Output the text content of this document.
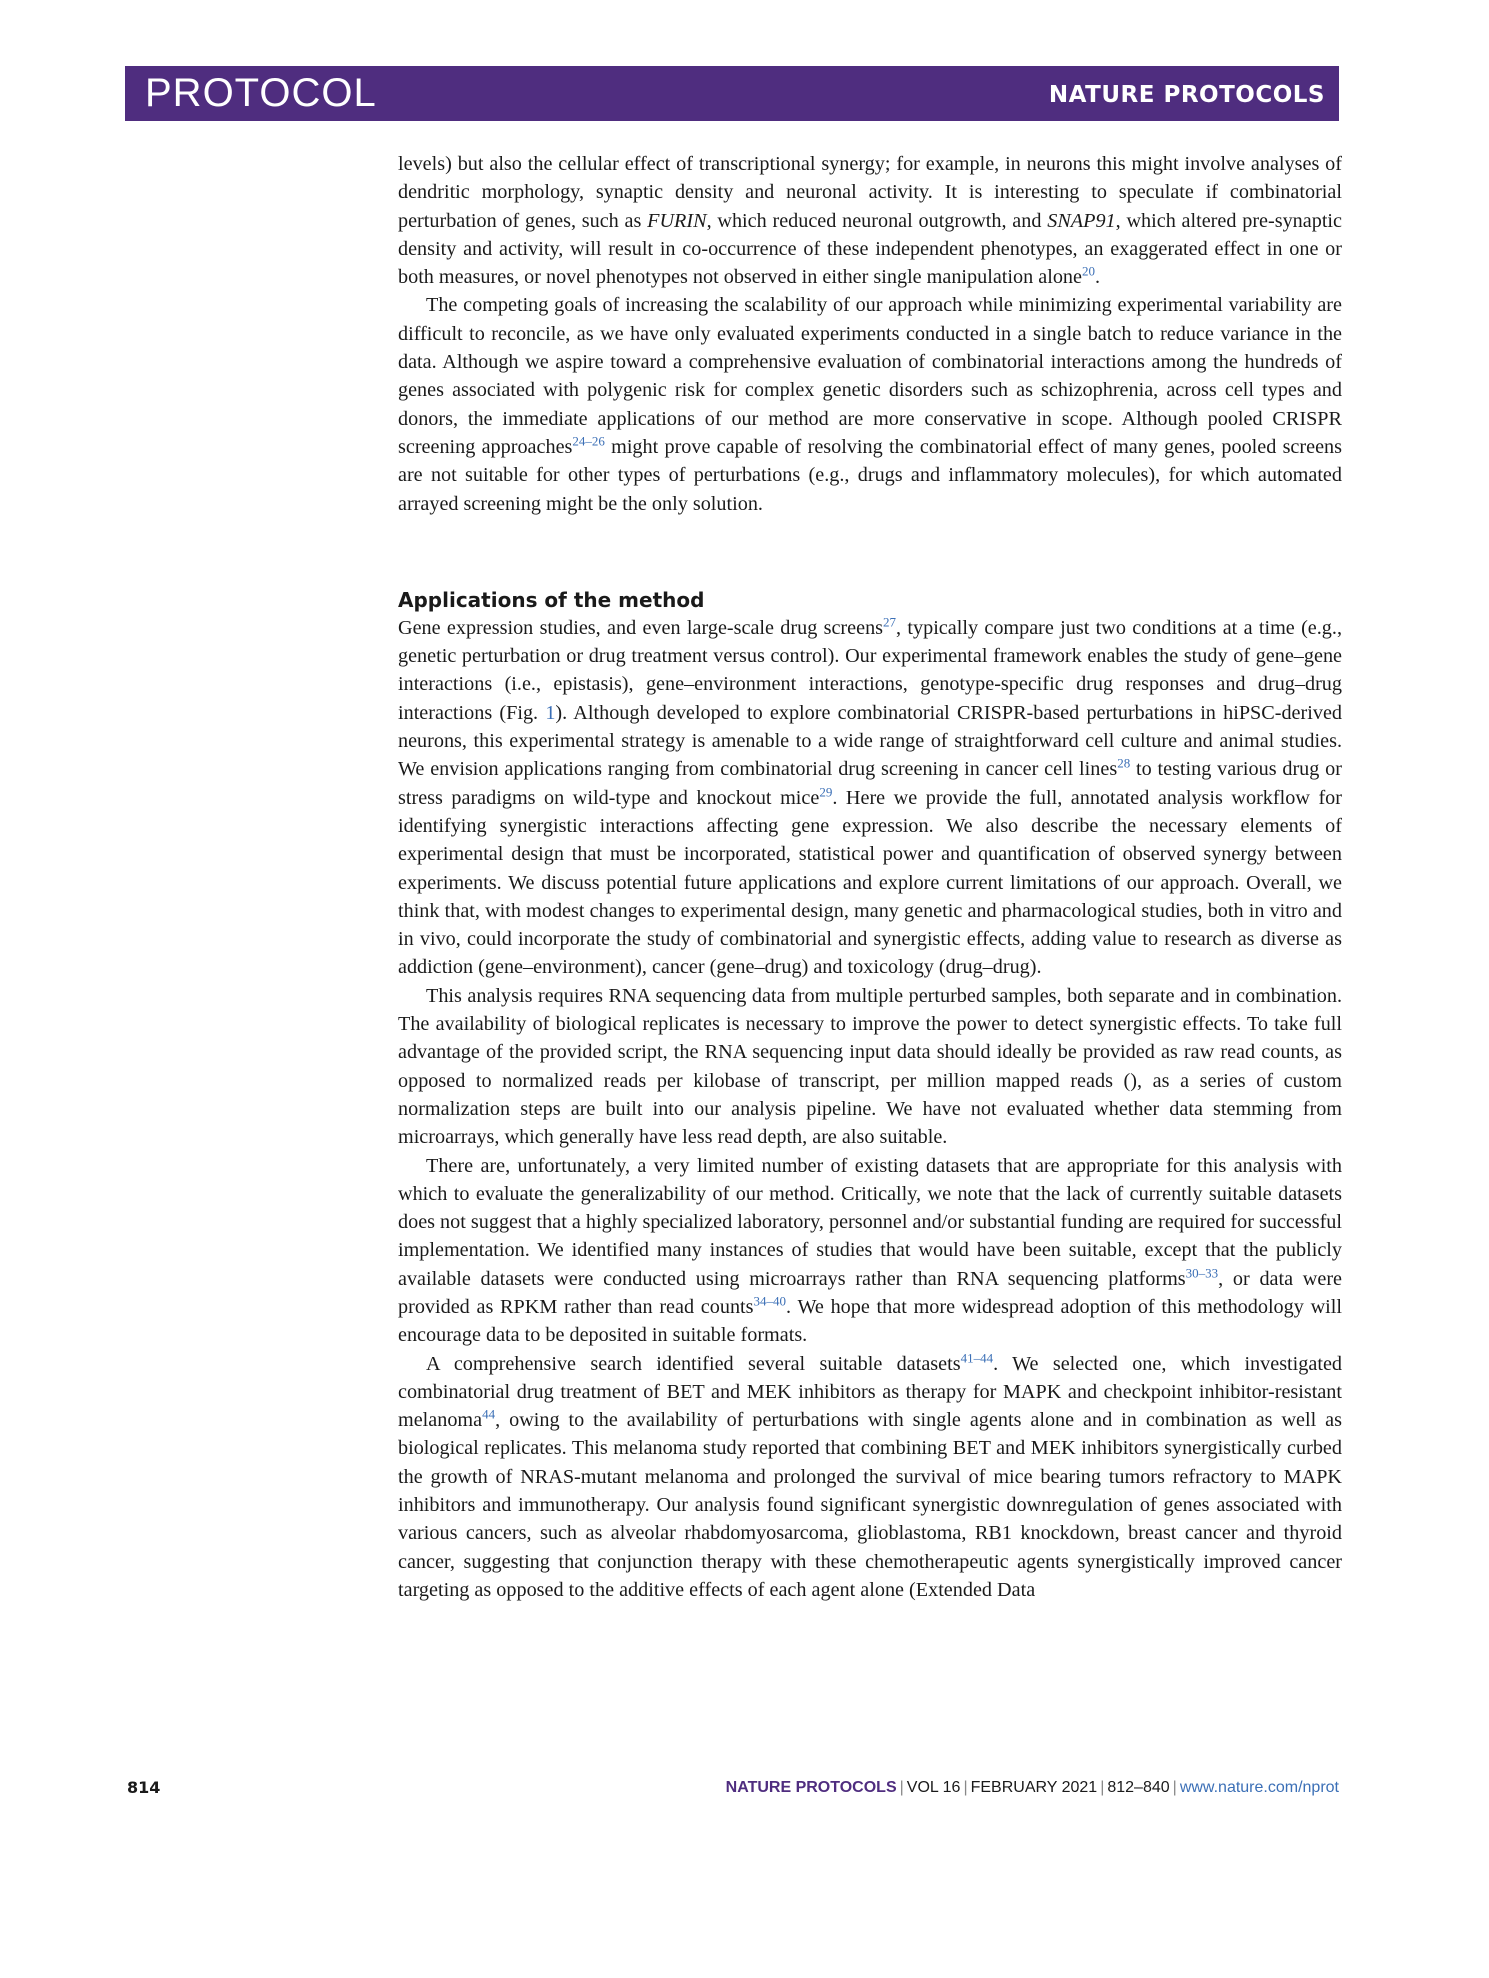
PROTOCOL	NATURE PROTOCOLS

levels) but also the cellular effect of transcriptional synergy; for example, in neurons this might involve analyses of dendritic morphology, synaptic density and neuronal activity. It is interesting to speculate if combinatorial perturbation of genes, such as FURIN, which reduced neuronal outgrowth, and SNAP91, which altered pre-synaptic density and activity, will result in co-occurrence of these independent phenotypes, an exaggerated effect in one or both measures, or novel phenotypes not observed in either single manipulation alone$^{20}$.

The competing goals of increasing the scalability of our approach while minimizing experimental variability are difficult to reconcile, as we have only evaluated experiments conducted in a single batch to reduce variance in the data. Although we aspire toward a comprehensive evaluation of combinatorial interactions among the hundreds of genes associated with polygenic risk for complex genetic disorders such as schizophrenia, across cell types and donors, the immediate applications of our method are more conservative in scope. Although pooled CRISPR screening approaches$^{24-26}$ might prove capable of resolving the combinatorial effect of many genes, pooled screens are not suitable for other types of perturbations (e.g., drugs and inflammatory molecules), for which automated arrayed screening might be the only solution.

Applications of the method

Gene expression studies, and even large-scale drug screens$^{27}$, typically compare just two conditions at a time (e.g., genetic perturbation or drug treatment versus control). Our experimental framework enables the study of gene–gene interactions (i.e., epistasis), gene–environment interactions, genotype-specific drug responses and drug–drug interactions (Fig. 1). Although developed to explore combinatorial CRISPR-based perturbations in hiPSC-derived neurons, this experimental strategy is amenable to a wide range of straightforward cell culture and animal studies. We envision applications ranging from combinatorial drug screening in cancer cell lines$^{28}$ to testing various drug or stress paradigms on wild-type and knockout mice$^{29}$. Here we provide the full, annotated analysis workflow for identifying synergistic interactions affecting gene expression. We also describe the necessary elements of experimental design that must be incorporated, statistical power and quantification of observed synergy between experiments. We discuss potential future applications and explore current limitations of our approach. Overall, we think that, with modest changes to experimental design, many genetic and pharmacological studies, both in vitro and in vivo, could incorporate the study of combinatorial and synergistic effects, adding value to research as diverse as addiction (gene–environment), cancer (gene–drug) and toxicology (drug–drug).

This analysis requires RNA sequencing data from multiple perturbed samples, both separate and in combination. The availability of biological replicates is necessary to improve the power to detect synergistic effects. To take full advantage of the provided script, the RNA sequencing input data should ideally be provided as raw read counts, as opposed to normalized reads per kilobase of transcript, per million mapped reads (), as a series of custom normalization steps are built into our analysis pipeline. We have not evaluated whether data stemming from microarrays, which generally have less read depth, are also suitable.

There are, unfortunately, a very limited number of existing datasets that are appropriate for this analysis with which to evaluate the generalizability of our method. Critically, we note that the lack of currently suitable datasets does not suggest that a highly specialized laboratory, personnel and/or substantial funding are required for successful implementation. We identified many instances of studies that would have been suitable, except that the publicly available datasets were conducted using microarrays rather than RNA sequencing platforms$^{30-33}$, or data were provided as RPKM rather than read counts$^{34-40}$. We hope that more widespread adoption of this methodology will encourage data to be deposited in suitable formats.

A comprehensive search identified several suitable datasets$^{41-44}$. We selected one, which investigated combinatorial drug treatment of BET and MEK inhibitors as therapy for MAPK and checkpoint inhibitor-resistant melanoma$^{44}$, owing to the availability of perturbations with single agents alone and in combination as well as biological replicates. This melanoma study reported that combining BET and MEK inhibitors synergistically curbed the growth of NRAS-mutant melanoma and prolonged the survival of mice bearing tumors refractory to MAPK inhibitors and immunotherapy. Our analysis found significant synergistic downregulation of genes associated with various cancers, such as alveolar rhabdomyosarcoma, glioblastoma, RB1 knockdown, breast cancer and thyroid cancer, suggesting that conjunction therapy with these chemotherapeutic agents synergistically improved cancer targeting as opposed to the additive effects of each agent alone (Extended Data

814	NATURE PROTOCOLS | VOL 16 | FEBRUARY 2021 | 812–840 | www.nature.com/nprot
